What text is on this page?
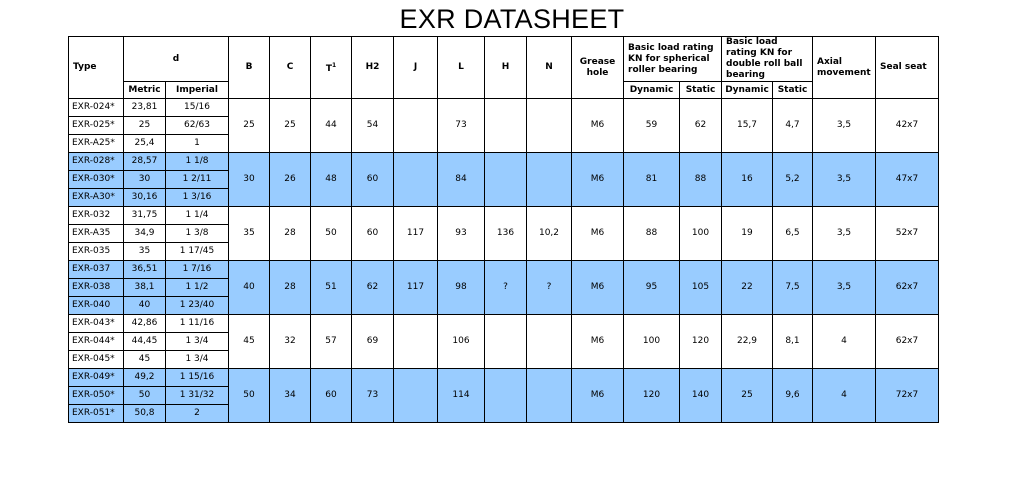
EXR DATASHEET
Type	d		B	C	$T^1$	H2	J	L	H	N	Grease hole	Basic load rating KN for spherical roller bearing		Basic load rating KN for double roll ball bearing		Axial movement	Seal seat
	Metric	Imperial										Dynamic	Static	Dynamic	Static		
EXR-024*	23,81	15/16	25	25	44	54		73			M6	59	62	15,7	4,7	3,5	42x7
EXR-025*	25	62/63															
EXR-A25*	25,4	1															
EXR-028*	28,57	1 1/8	30	26	48	60		84			M6	81	88	16	5,2	3,5	47x7
EXR-030*	30	1 2/11															
EXR-A30*	30,16	1 3/16															
EXR-032	31,75	1 1/4	35	28	50	60	117	93	136	10,2	M6	88	100	19	6,5	3,5	52x7
EXR-A35	34,9	1 3/8															
EXR-035	35	1 17/45															
EXR-037	36,51	1 7/16	40	28	51	62	117	98	?	?	M6	95	105	22	7,5	3,5	62x7
EXR-038	38,1	1 1/2															
EXR-040	40	1 23/40															
EXR-043*	42,86	1 11/16	45	32	57	69		106			M6	100	120	22,9	8,1	4	62x7
EXR-044*	44,45	1 3/4															
EXR-045*	45	1 3/4															
EXR-049*	49,2	1 15/16	50	34	60	73		114			M6	120	140	25	9,6	4	72x7
EXR-050*	50	1 31/32															
EXR-051*	50,8	2															
